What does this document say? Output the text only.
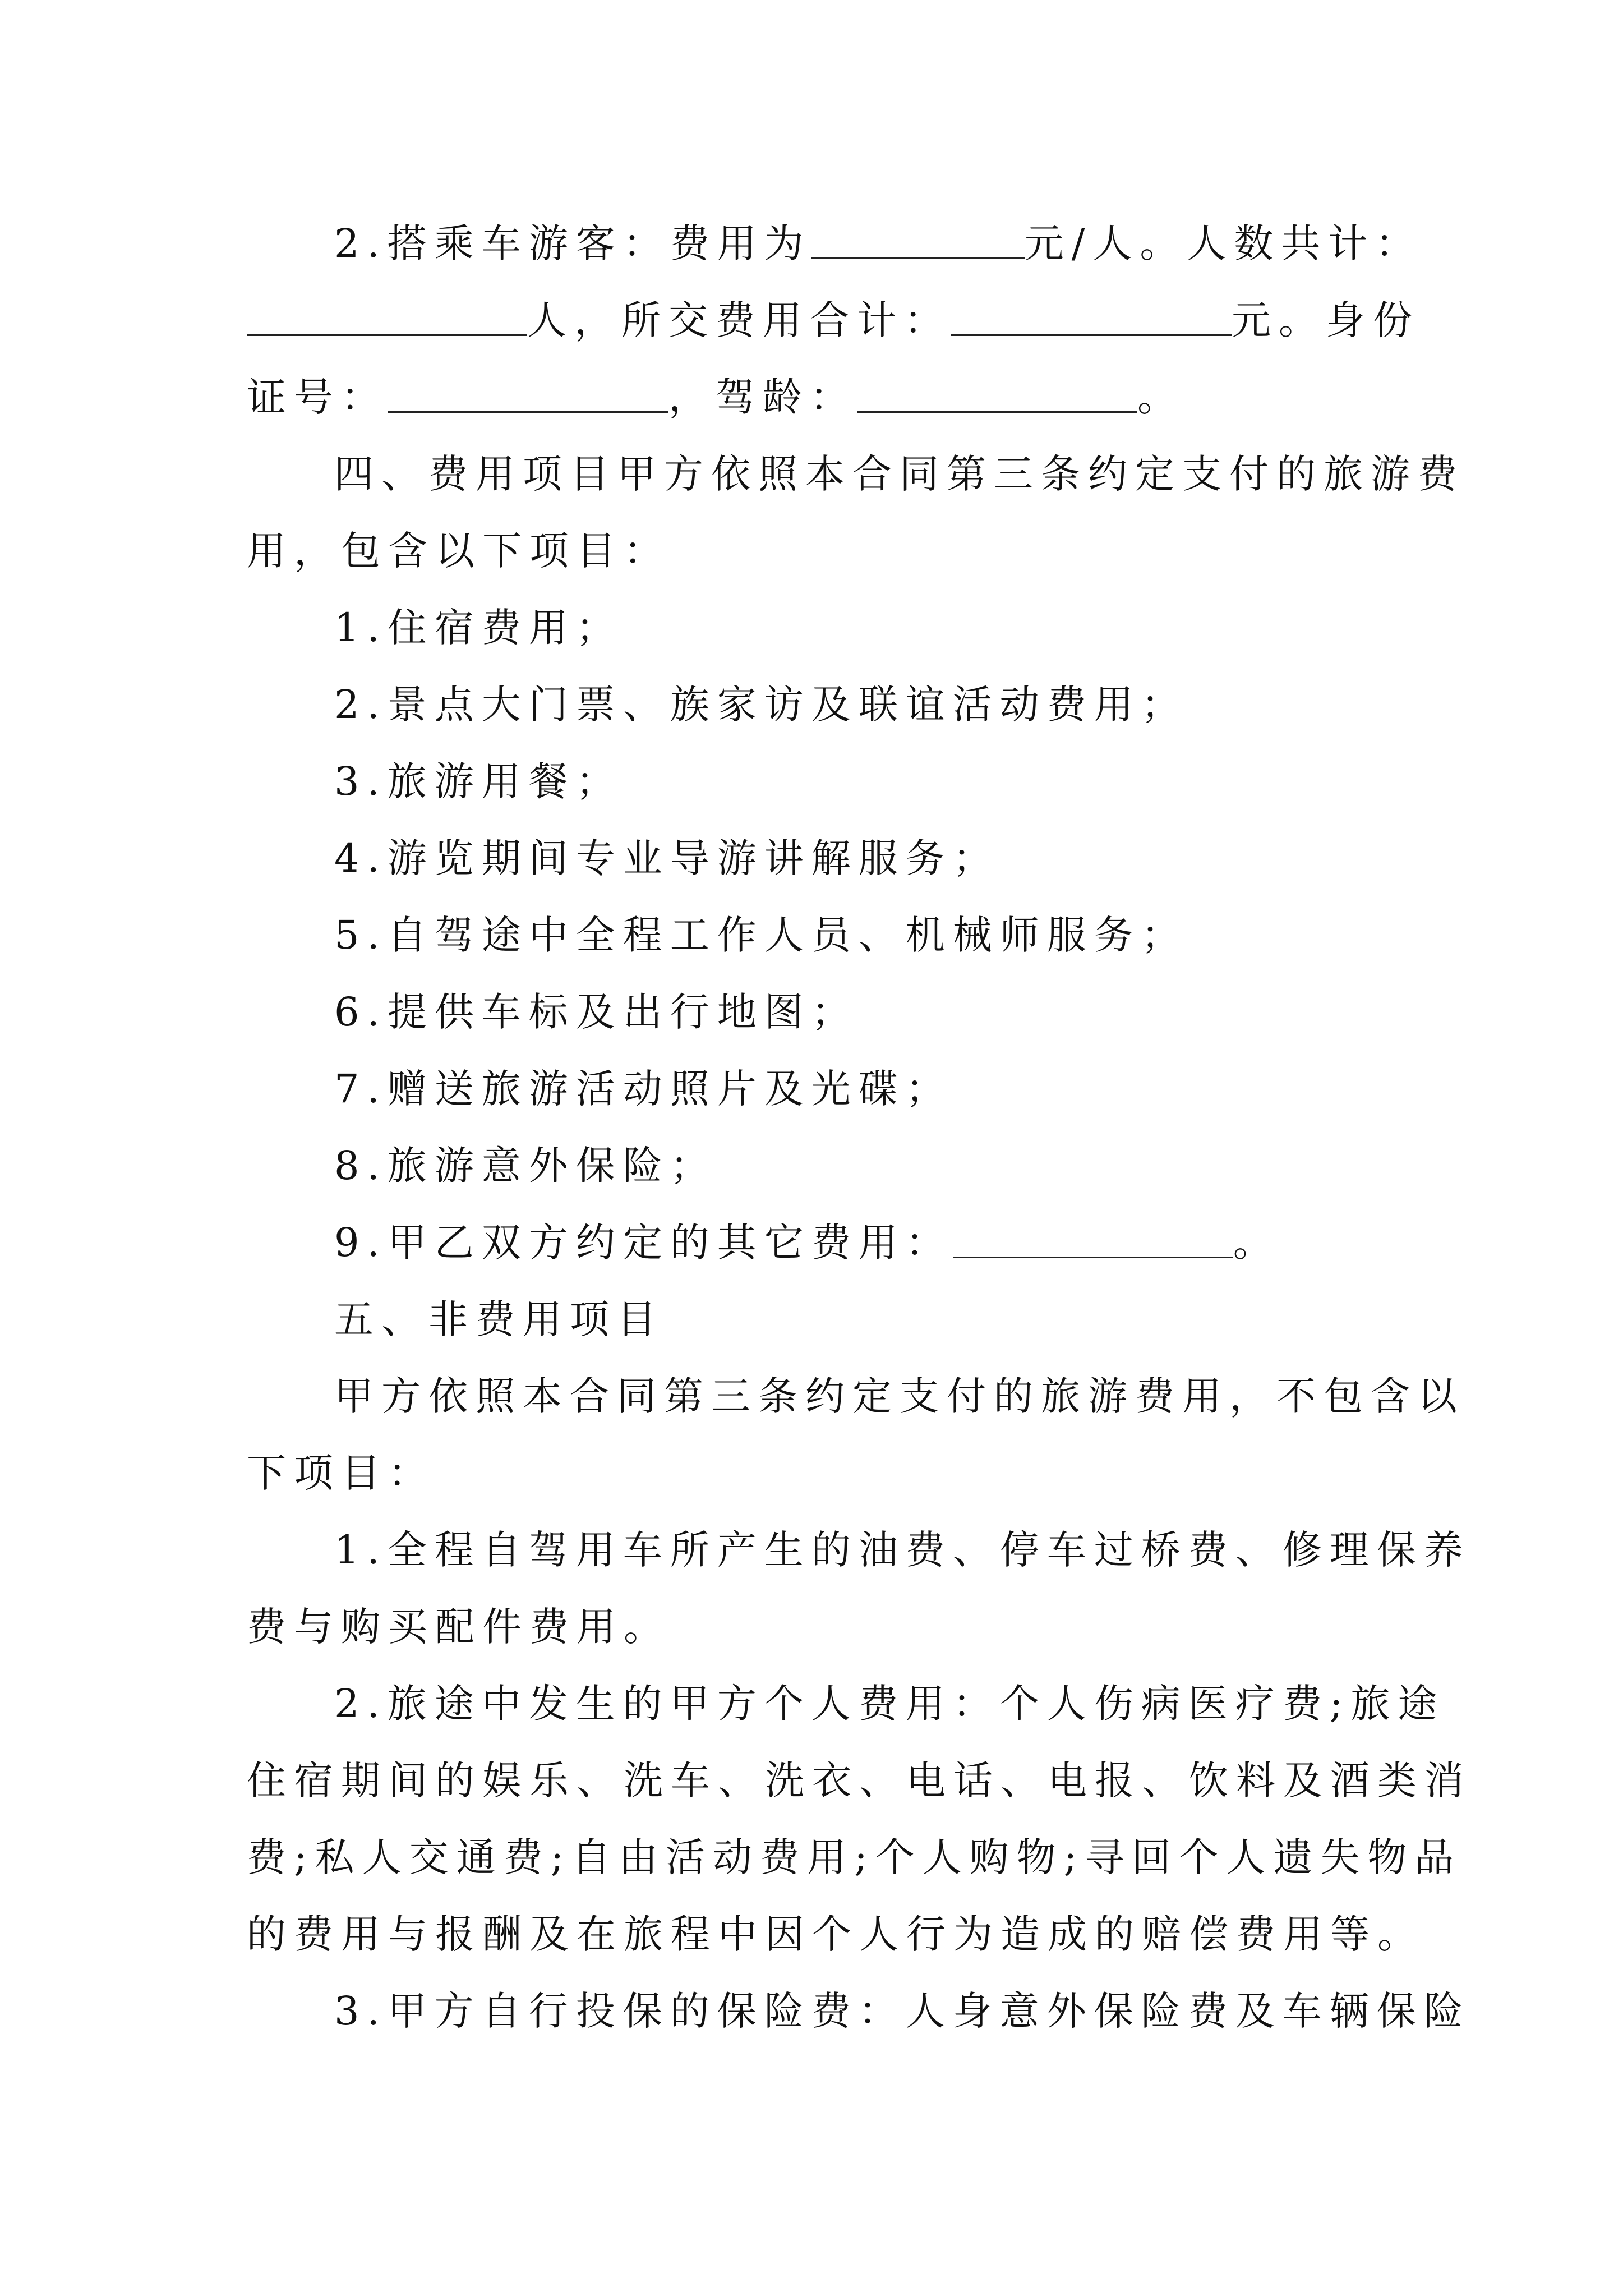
2.搭乘车游客：费用为	元/人。人数共计：
人，所交费用合计：	元。身份
证号：	，驾龄：	。
四、费用项目甲方依照本合同第三条约定支付的旅游费
用，包含以下项目：
1.住宿费用；
2.景点大门票、族家访及联谊活动费用；
3.旅游用餐；
4.游览期间专业导游讲解服务；
5.自驾途中全程工作人员、机械师服务；
6.提供车标及出行地图；
7.赠送旅游活动照片及光碟；
8.旅游意外保险；
9.甲乙双方约定的其它费用：	。
五、非费用项目
甲方依照本合同第三条约定支付的旅游费用，不包含以
下项目：
1.全程自驾用车所产生的油费、停车过桥费、修理保养
费与购买配件费用。
2.旅途中发生的甲方个人费用：个人伤病医疗费;旅途
住宿期间的娱乐、洗车、洗衣、电话、电报、饮料及酒类消
费;私人交通费;自由活动费用;个人购物;寻回个人遗失物品
的费用与报酬及在旅程中因个人行为造成的赔偿费用等。
3.甲方自行投保的保险费：人身意外保险费及车辆保险
